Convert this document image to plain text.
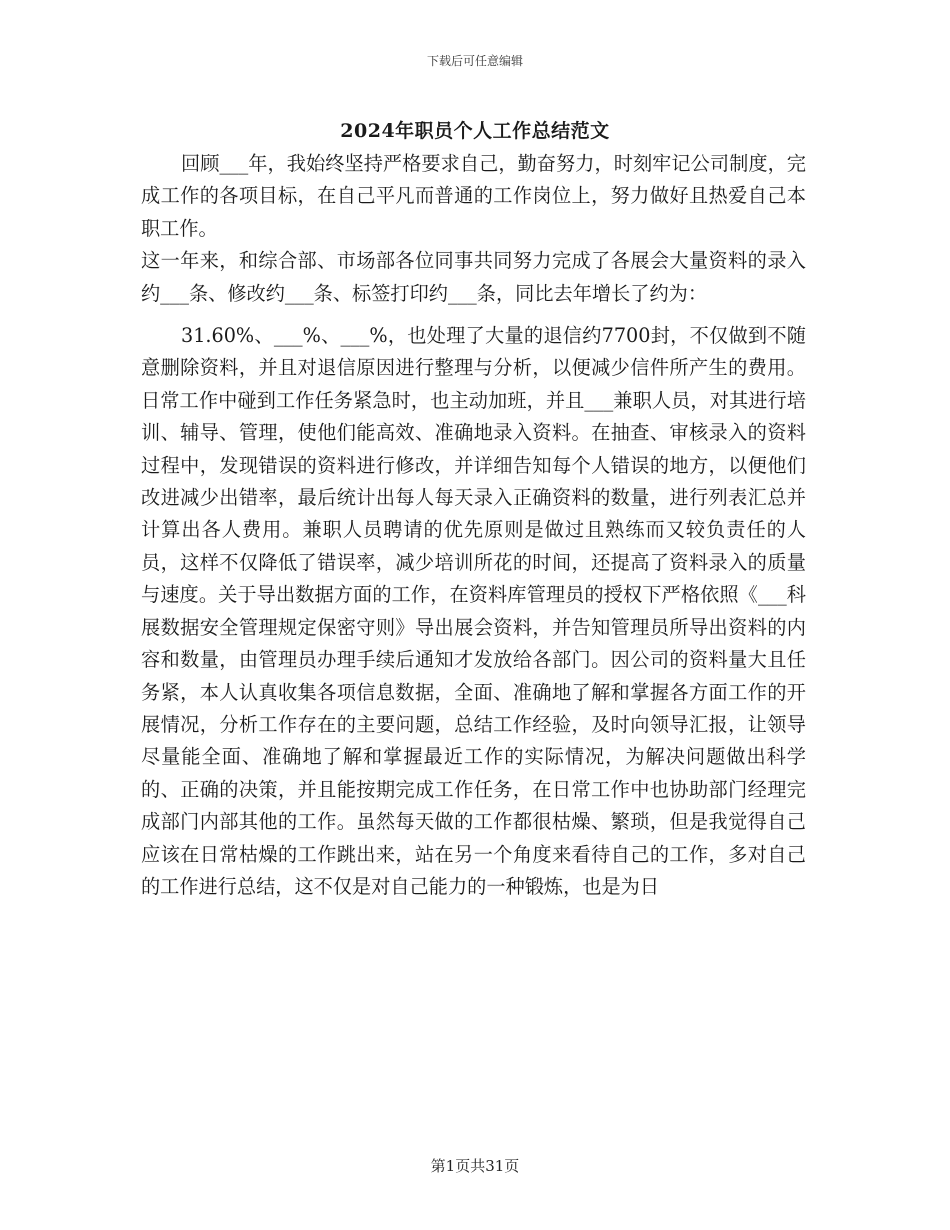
下载后可任意编辑
2024年职员个人工作总结范文

回顾___年，我始终坚持严格要求自己，勤奋努力，时刻牢记公司制度，完成工作的各项目标，在自己平凡而普通的工作岗位上，努力做好且热爱自己本职工作。

这一年来，和综合部、市场部各位同事共同努力完成了各展会大量资料的录入约___条、修改约___条、标签打印约___条，同比去年增长了约为：

31.60%、___%、___%，也处理了大量的退信约7700封，不仅做到不随意删除资料，并且对退信原因进行整理与分析，以便减少信件所产生的费用。日常工作中碰到工作任务紧急时，也主动加班，并且___兼职人员，对其进行培训、辅导、管理，使他们能高效、准确地录入资料。在抽查、审核录入的资料过程中，发现错误的资料进行修改，并详细告知每个人错误的地方，以便他们改进减少出错率，最后统计出每人每天录入正确资料的数量，进行列表汇总并计算出各人费用。兼职人员聘请的优先原则是做过且熟练而又较负责任的人员，这样不仅降低了错误率，减少培训所花的时间，还提高了资料录入的质量与速度。关于导出数据方面的工作，在资料库管理员的授权下严格依照《___科展数据安全管理规定保密守则》导出展会资料，并告知管理员所导出资料的内容和数量，由管理员办理手续后通知才发放给各部门。因公司的资料量大且任务紧，本人认真收集各项信息数据，全面、准确地了解和掌握各方面工作的开展情况，分析工作存在的主要问题，总结工作经验，及时向领导汇报，让领导尽量能全面、准确地了解和掌握最近工作的实际情况，为解决问题做出科学的、正确的决策，并且能按期完成工作任务，在日常工作中也协助部门经理完成部门内部其他的工作。虽然每天做的工作都很枯燥、繁琐，但是我觉得自己应该在日常枯燥的工作跳出来，站在另一个角度来看待自己的工作，多对自己的工作进行总结，这不仅是对自己能力的一种锻炼，也是为日

第1页共31页
